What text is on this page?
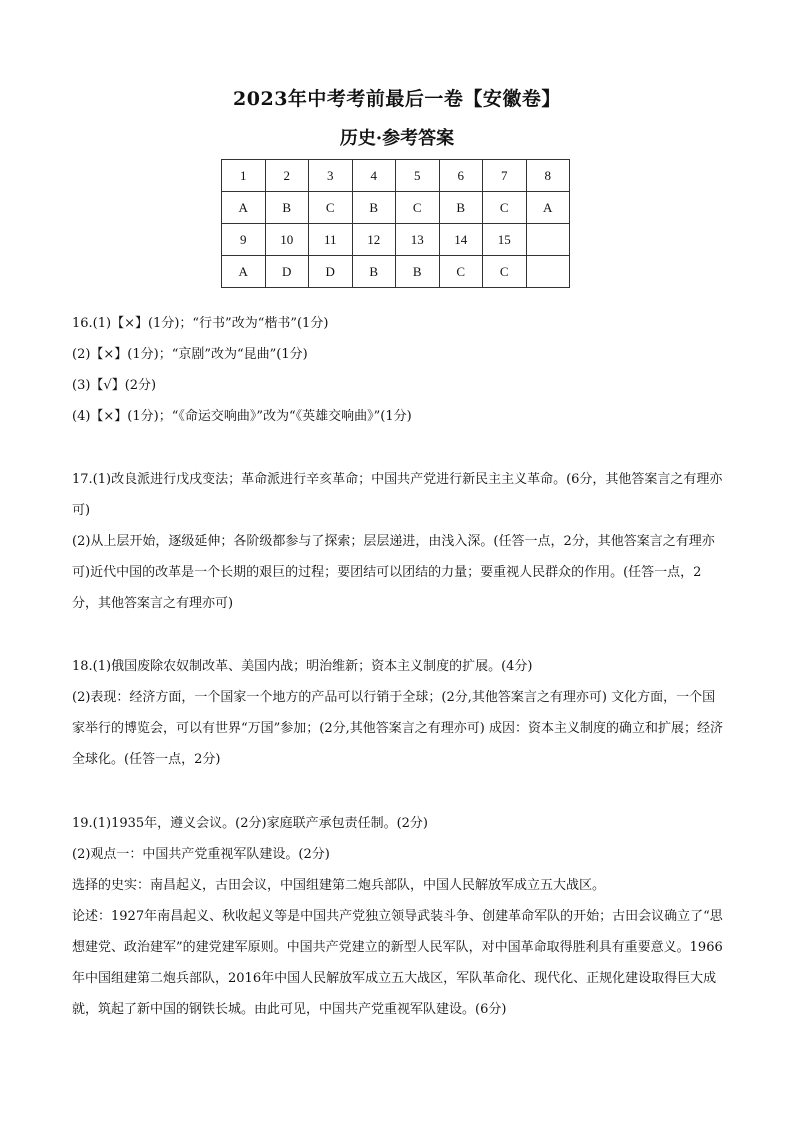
2023年中考考前最后一卷【安徽卷】
历史·参考答案
1	2	3	4	5	6	7	8
A	B	C	B	C	B	C	A
9	10	11	12	13	14	15	
A	D	D	B	B	C	C	
16.(1)【×】(1分)；“行书”改为“楷书”(1分)
(2)【×】(1分)；“京剧”改为“昆曲”(1分)
(3)【√】(2分)
(4)【×】(1分)；“《命运交响曲》”改为“《英雄交响曲》”(1分)
17.(1)改良派进行戊戌变法；革命派进行辛亥革命；中国共产党进行新民主主义革命。(6分，其他答案言之有理亦可)
(2)从上层开始，逐级延伸；各阶级都参与了探索；层层递进，由浅入深。(任答一点，2分，其他答案言之有理亦可)近代中国的改革是一个长期的艰巨的过程；要团结可以团结的力量；要重视人民群众的作用。(任答一点，2分，其他答案言之有理亦可)
18.(1)俄国废除农奴制改革、美国内战；明治维新；资本主义制度的扩展。(4分)
(2)表现：经济方面，一个国家一个地方的产品可以行销于全球；(2分,其他答案言之有理亦可) 文化方面，一个国家举行的博览会，可以有世界“万国”参加；(2分,其他答案言之有理亦可) 成因：资本主义制度的确立和扩展；经济全球化。(任答一点，2分)
19.(1)1935年，遵义会议。(2分)家庭联产承包责任制。(2分)
(2)观点一：中国共产党重视军队建设。(2分)
选择的史实：南昌起义，古田会议，中国组建第二炮兵部队，中国人民解放军成立五大战区。
论述：1927年南昌起义、秋收起义等是中国共产党独立领导武装斗争、创建革命军队的开始；古田会议确立了“思想建党、政治建军”的建党建军原则。中国共产党建立的新型人民军队，对中国革命取得胜利具有重要意义。1966年中国组建第二炮兵部队，2016年中国人民解放军成立五大战区，军队革命化、现代化、正规化建设取得巨大成就，筑起了新中国的钢铁长城。由此可见，中国共产党重视军队建设。(6分)
